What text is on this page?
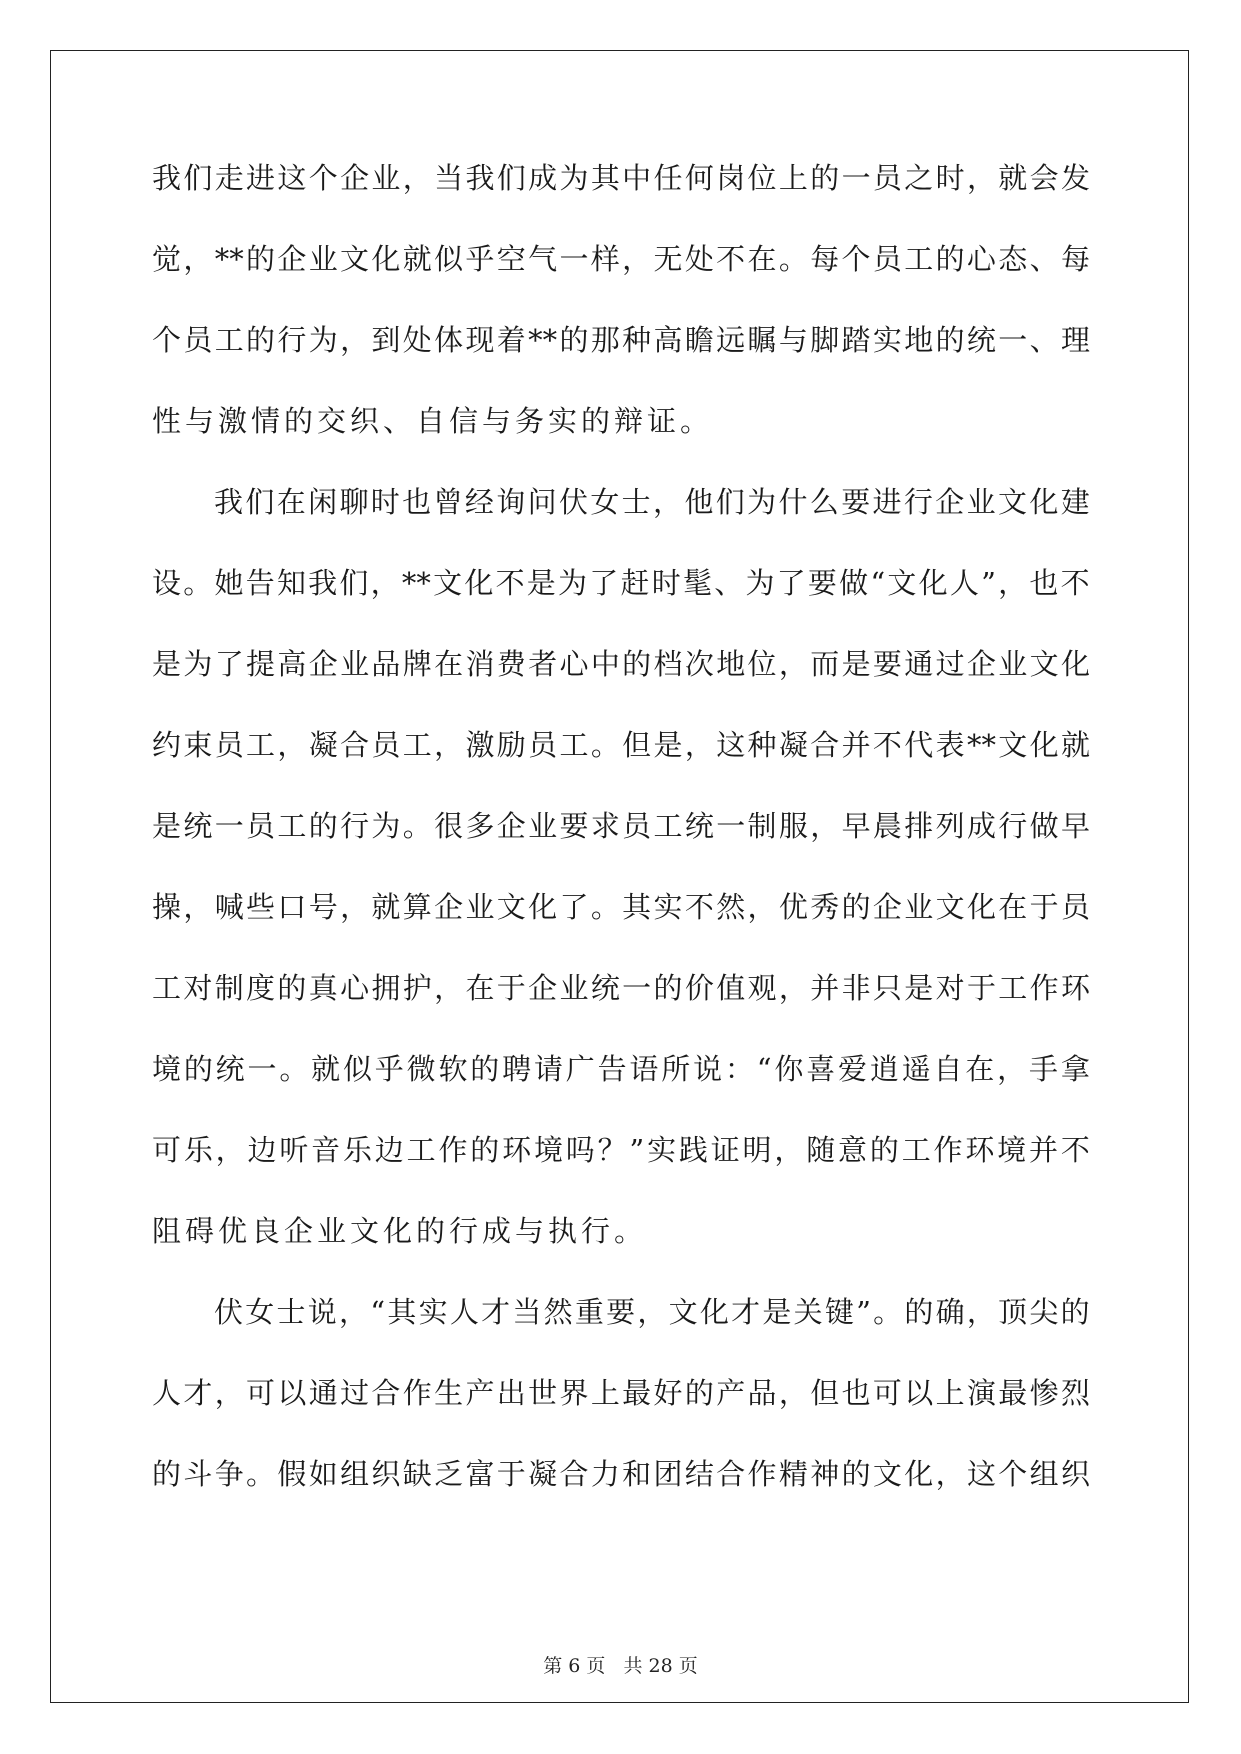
我 们 走 进 这 个 企 业 ， 当 我 们 成 为 其 中 任 何 岗 位 上 的 一 员 之 时 ， 就 会 发
觉 ， ** 的 企 业 文 化 就 似 乎 空 气 一 样 ， 无 处 不 在 。 每 个 员 工 的 心 态 、 每
个 员 工 的 行 为 ， 到 处 体 现 着 ** 的 那 种 高 瞻 远 瞩 与 脚 踏 实 地 的 统 一 、 理
性与激情的交织、自信与务实的辩证。
我 们 在 闲 聊 时 也 曾 经 询 问 伏 女 士 ， 他 们 为 什 么 要 进 行 企 业 文 化 建
设 。 她 告 知 我 们 ， ** 文 化 不 是 为 了 赶 时 髦 、 为 了 要 做 “ 文 化 人 ” ， 也 不
是 为 了 提 高 企 业 品 牌 在 消 费 者 心 中 的 档 次 地 位 ， 而 是 要 通 过 企 业 文 化
约 束 员 工 ， 凝 合 员 工 ， 激 励 员 工 。 但 是 ， 这 种 凝 合 并 不 代 表 ** 文 化 就
是 统 一 员 工 的 行 为 。 很 多 企 业 要 求 员 工 统 一 制 服 ， 早 晨 排 列 成 行 做 早
操 ， 喊 些 口 号 ， 就 算 企 业 文 化 了 。 其 实 不 然 ， 优 秀 的 企 业 文 化 在 于 员
工 对 制 度 的 真 心 拥 护 ， 在 于 企 业 统 一 的 价 值 观 ， 并 非 只 是 对 于 工 作 环
境 的 统 一 。 就 似 乎 微 软 的 聘 请 广 告 语 所 说 ： “ 你 喜 爱 逍 遥 自 在 ， 手 拿
可 乐 ， 边 听 音 乐 边 工 作 的 环 境 吗 ？ ” 实 践 证 明 ， 随 意 的 工 作 环 境 并 不
阻碍优良企业文化的行成与执行。
伏 女 士 说 ， “ 其 实 人 才 当 然 重 要 ， 文 化 才 是 关 键 ” 。 的 确 ， 顶 尖 的
人 才 ， 可 以 通 过 合 作 生 产 出 世 界 上 最 好 的 产 品 ， 但 也 可 以 上 演 最 惨 烈
的 斗 争 。 假 如 组 织 缺 乏 富 于 凝 合 力 和 团 结 合 作 精 神 的 文 化 ， 这 个 组 织
第 6 页 共 28 页
